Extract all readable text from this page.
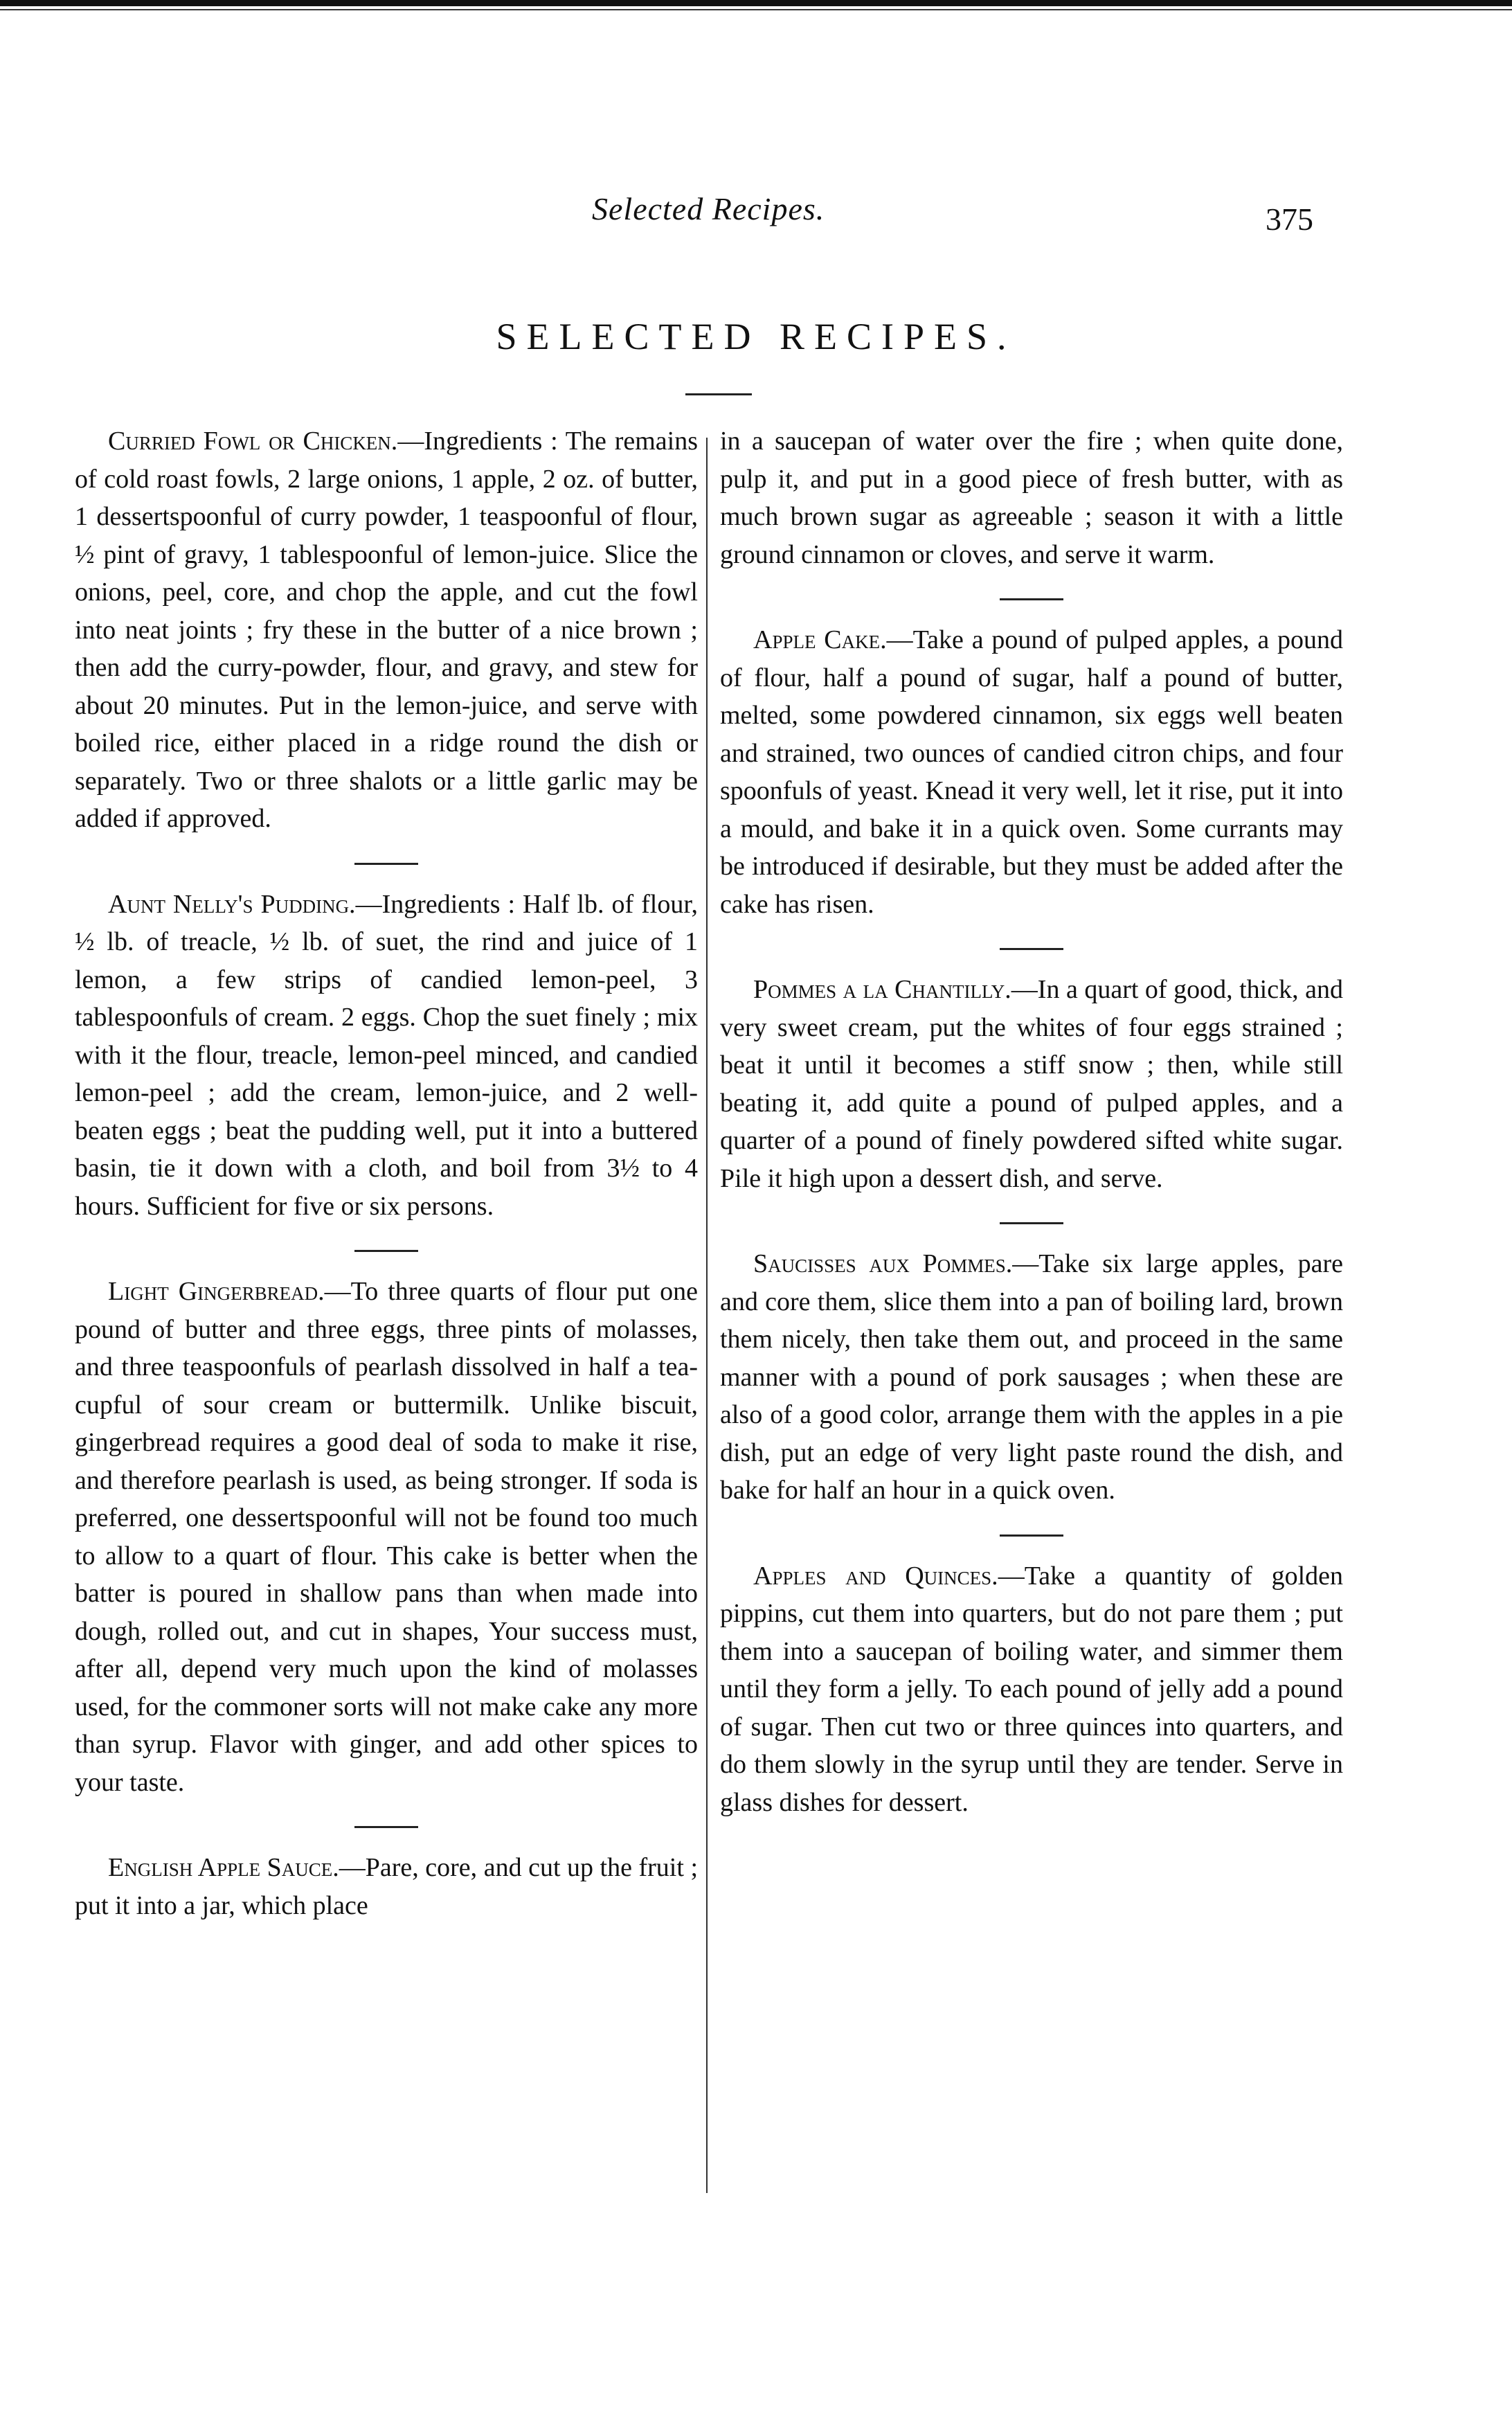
Selected Recipes.	375
SELECTED RECIPES.

Curried Fowl or Chicken.—Ingredients : The remains of cold roast fowls, 2 large onions, 1 apple, 2 oz. of butter, 1 dessertspoonful of curry powder, 1 teaspoonful of flour, ½ pint of gravy, 1 tablespoonful of lemon-juice. Slice the onions, peel, core, and chop the apple, and cut the fowl into neat joints ; fry these in the butter of a nice brown ; then add the curry-powder, flour, and gravy, and stew for about 20 minutes. Put in the lemon-juice, and serve with boiled rice, either placed in a ridge round the dish or separately. Two or three shalots or a little garlic may be added if approved.

Aunt Nelly's Pudding.—Ingredients : Half lb. of flour, ½ lb. of treacle, ½ lb. of suet, the rind and juice of 1 lemon, a few strips of candied lemon-peel, 3 tablespoonfuls of cream. 2 eggs. Chop the suet finely ; mix with it the flour, treacle, lemon-peel minced, and candied lemon-peel ; add the cream, lemon-juice, and 2 well-beaten eggs ; beat the pudding well, put it into a buttered basin, tie it down with a cloth, and boil from 3½ to 4 hours. Sufficient for five or six persons.

Light Gingerbread.—To three quarts of flour put one pound of butter and three eggs, three pints of molasses, and three teaspoonfuls of pearlash dissolved in half a tea-cupful of sour cream or buttermilk. Unlike biscuit, gingerbread requires a good deal of soda to make it rise, and therefore pearlash is used, as being stronger. If soda is preferred, one dessertspoonful will not be found too much to allow to a quart of flour. This cake is better when the batter is poured in shallow pans than when made into dough, rolled out, and cut in shapes, Your success must, after all, depend very much upon the kind of molasses used, for the commoner sorts will not make cake any more than syrup. Flavor with ginger, and add other spices to your taste.

English Apple Sauce.—Pare, core, and cut up the fruit ; put it into a jar, which place

in a saucepan of water over the fire ; when quite done, pulp it, and put in a good piece of fresh butter, with as much brown sugar as agreeable ; season it with a little ground cinnamon or cloves, and serve it warm.

Apple Cake.—Take a pound of pulped apples, a pound of flour, half a pound of sugar, half a pound of butter, melted, some powdered cinnamon, six eggs well beaten and strained, two ounces of candied citron chips, and four spoonfuls of yeast. Knead it very well, let it rise, put it into a mould, and bake it in a quick oven. Some currants may be introduced if desirable, but they must be added after the cake has risen.

Pommes a la Chantilly.—In a quart of good, thick, and very sweet cream, put the whites of four eggs strained ; beat it until it becomes a stiff snow ; then, while still beating it, add quite a pound of pulped apples, and a quarter of a pound of finely powdered sifted white sugar. Pile it high upon a dessert dish, and serve.

Saucisses aux Pommes.—Take six large apples, pare and core them, slice them into a pan of boiling lard, brown them nicely, then take them out, and proceed in the same manner with a pound of pork sausages ; when these are also of a good color, arrange them with the apples in a pie dish, put an edge of very light paste round the dish, and bake for half an hour in a quick oven.

Apples and Quinces.—Take a quantity of golden pippins, cut them into quarters, but do not pare them ; put them into a saucepan of boiling water, and simmer them until they form a jelly. To each pound of jelly add a pound of sugar. Then cut two or three quinces into quarters, and do them slowly in the syrup until they are tender. Serve in glass dishes for dessert.
